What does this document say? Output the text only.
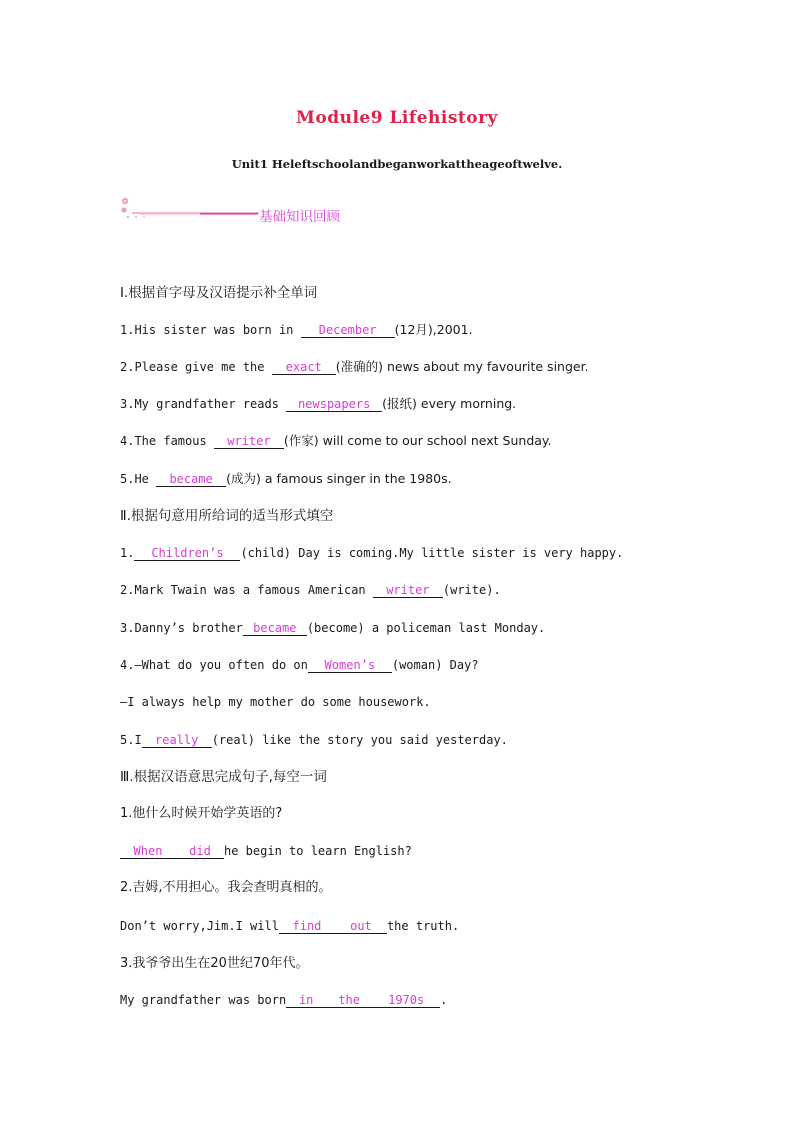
Module9 Lifehistory
Unit1 Heleftschoolandbeganworkattheageoftwelve.
基础知识回顾
Ⅰ.根据首字母及汉语提示补全单词
1.His sister was born in December (12月),2001.
2.Please give me the exact (准确的) news about my favourite singer.
3.My grandfather reads newspapers (报纸) every morning.
4.The famous writer (作家) will come to our school next Sunday.
5.He became (成为) a famous singer in the 1980s.
Ⅱ.根据句意用所给词的适当形式填空
1. Children’s (child) Day is coming.My little sister is very happy.
2.Mark Twain was a famous American writer (write).
3.Danny’s brother became (become) a policeman last Monday.
4.—What do you often do on Women’s (woman) Day?
—I always help my mother do some housework.
5.I really (real) like the story you said yesterday.
Ⅲ.根据汉语意思完成句子,每空一词
1.他什么时候开始学英语的?
When did he begin to learn English?
2.吉姆,不用担心。我会查明真相的。
Don’t worry,Jim.I will find out the truth.
3.我爷爷出生在20世纪70年代。
My grandfather was born in the 1970s .
